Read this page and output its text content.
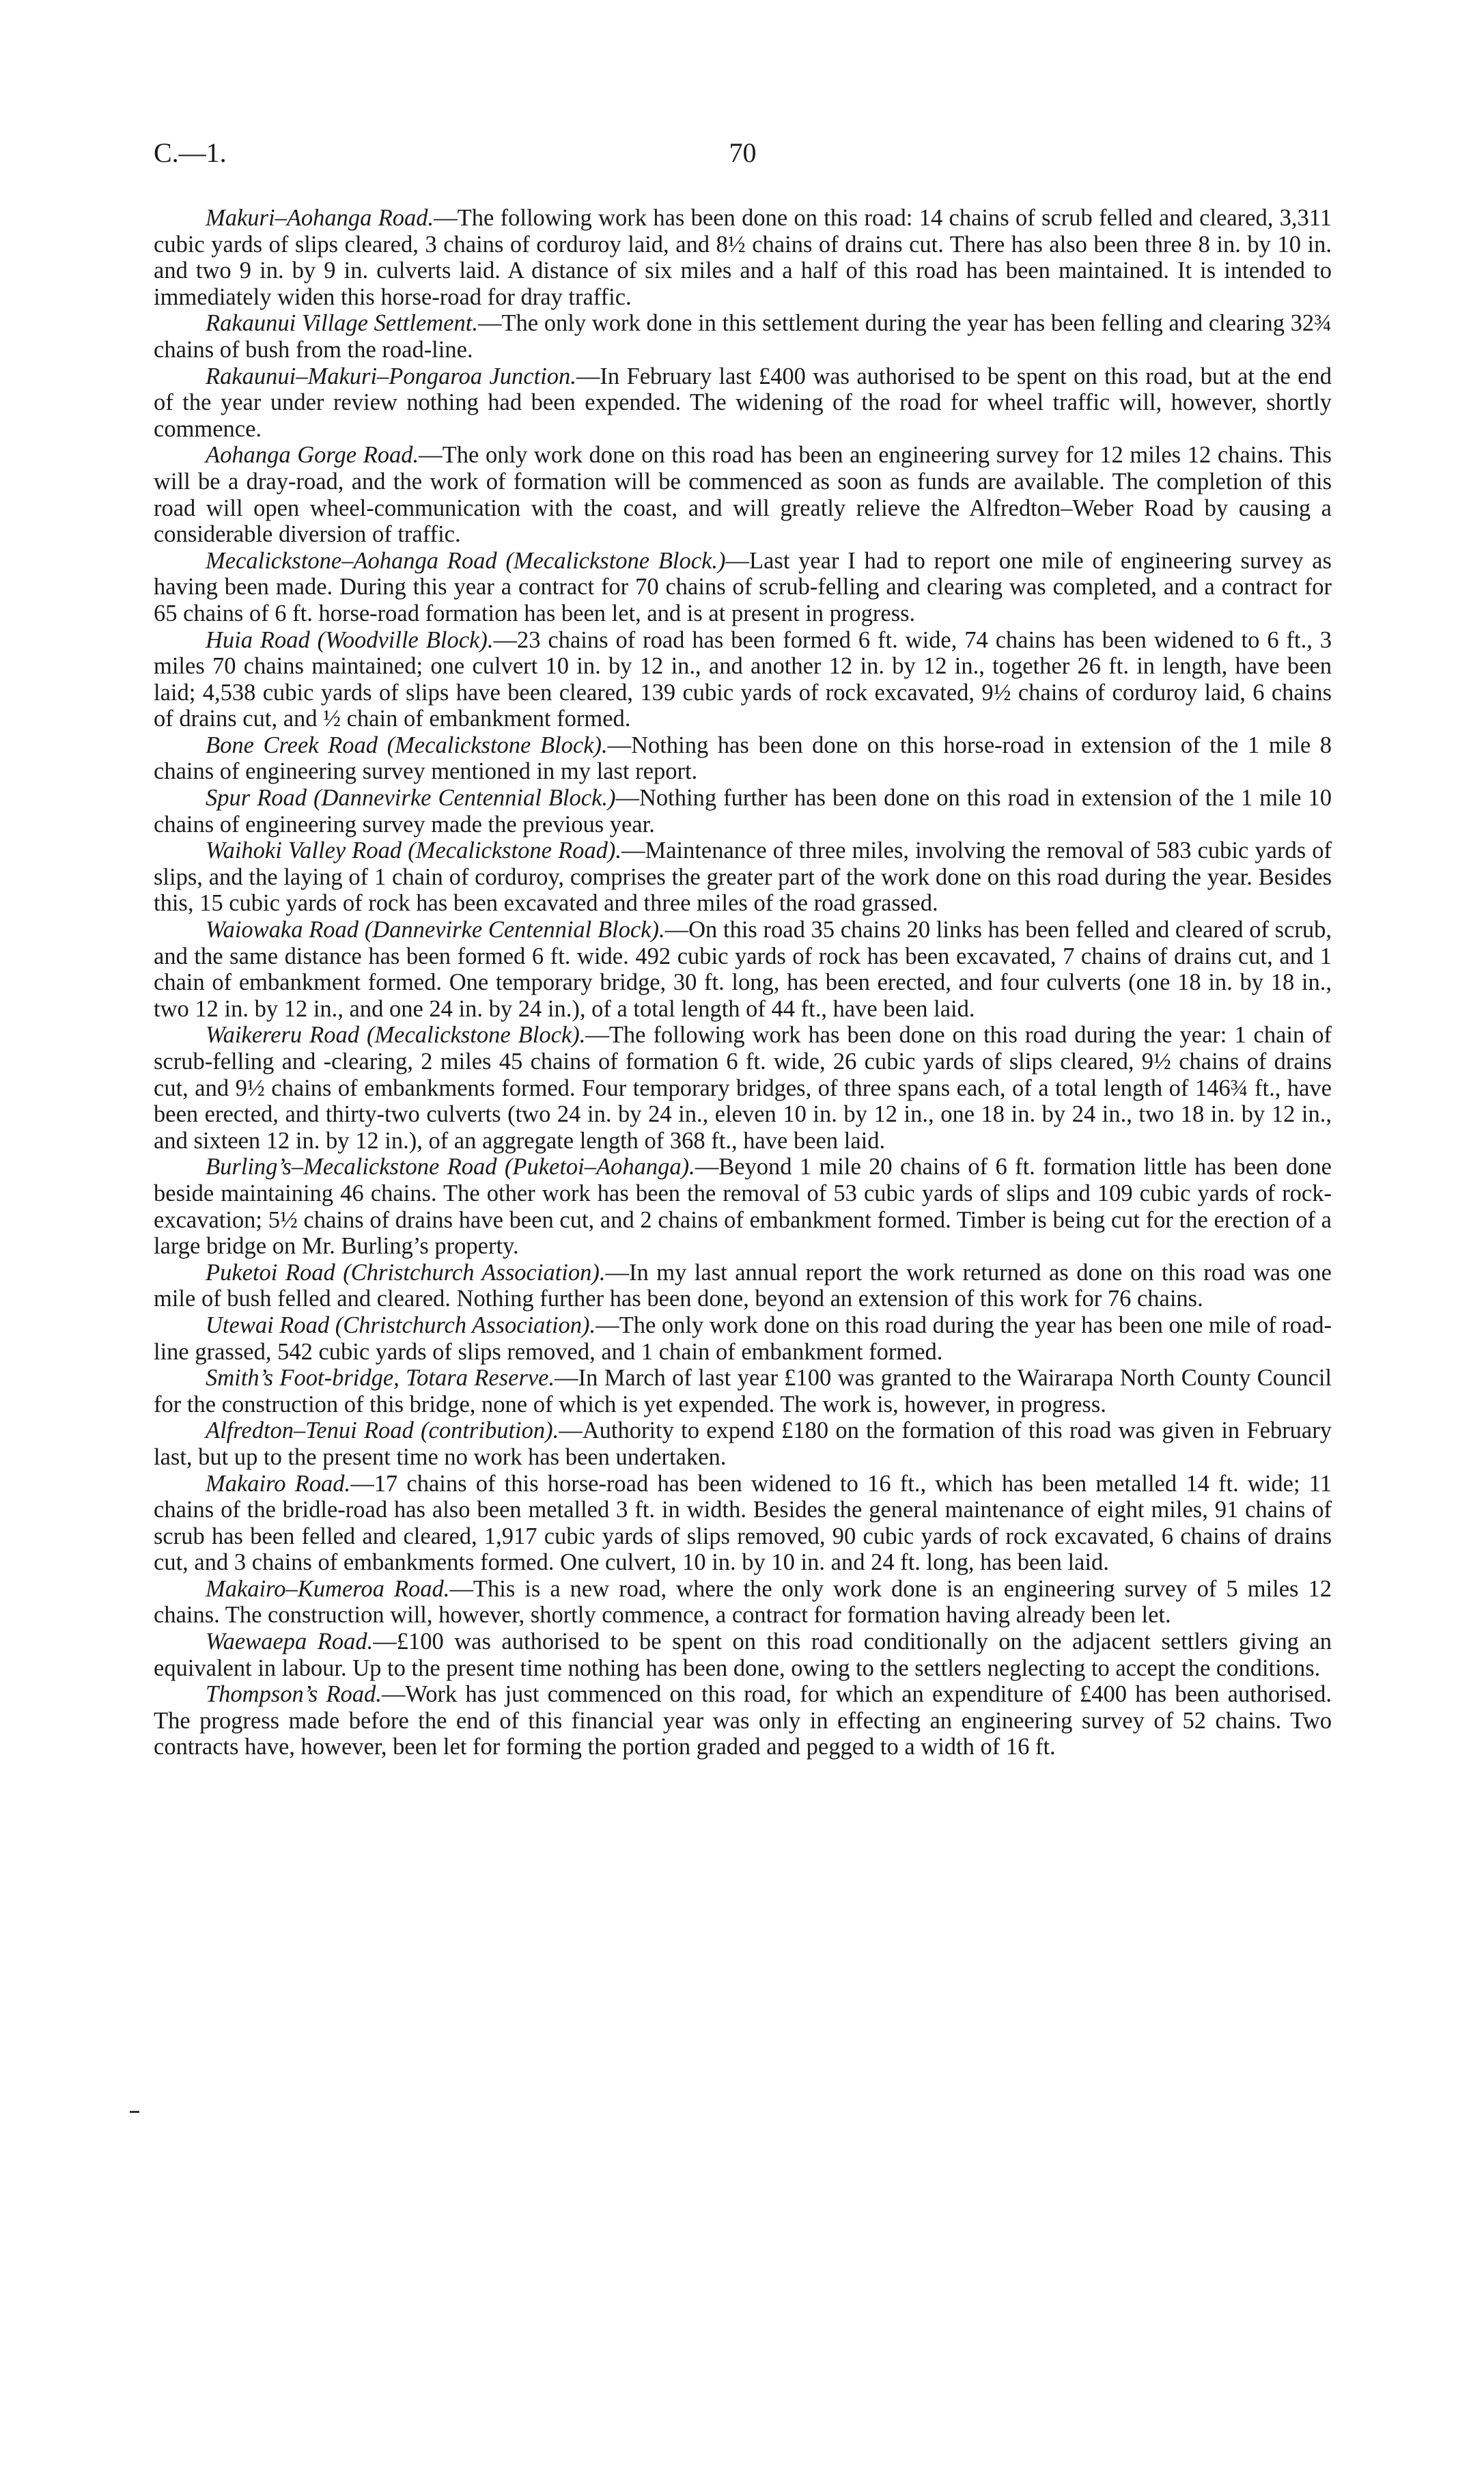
C.—1.	70

Makuri–Aohanga Road.—The following work has been done on this road: 14 chains of scrub felled and cleared, 3,311 cubic yards of slips cleared, 3 chains of corduroy laid, and 8½ chains of drains cut. There has also been three 8 in. by 10 in. and two 9 in. by 9 in. culverts laid. A distance of six miles and a half of this road has been maintained. It is intended to immediately widen this horse-road for dray traffic.

Rakaunui Village Settlement.—The only work done in this settlement during the year has been felling and clearing 32¾ chains of bush from the road-line.

Rakaunui–Makuri–Pongaroa Junction.—In February last £400 was authorised to be spent on this road, but at the end of the year under review nothing had been expended. The widening of the road for wheel traffic will, however, shortly commence.

Aohanga Gorge Road.—The only work done on this road has been an engineering survey for 12 miles 12 chains. This will be a dray-road, and the work of formation will be commenced as soon as funds are available. The completion of this road will open wheel-communication with the coast, and will greatly relieve the Alfredton–Weber Road by causing a considerable diversion of traffic.

Mecalickstone–Aohanga Road (Mecalickstone Block.)—Last year I had to report one mile of engineering survey as having been made. During this year a contract for 70 chains of scrub-felling and clearing was completed, and a contract for 65 chains of 6 ft. horse-road formation has been let, and is at present in progress.

Huia Road (Woodville Block).—23 chains of road has been formed 6 ft. wide, 74 chains has been widened to 6 ft., 3 miles 70 chains maintained; one culvert 10 in. by 12 in., and another 12 in. by 12 in., together 26 ft. in length, have been laid; 4,538 cubic yards of slips have been cleared, 139 cubic yards of rock excavated, 9½ chains of corduroy laid, 6 chains of drains cut, and ½ chain of embankment formed.

Bone Creek Road (Mecalickstone Block).—Nothing has been done on this horse-road in extension of the 1 mile 8 chains of engineering survey mentioned in my last report.

Spur Road (Dannevirke Centennial Block.)—Nothing further has been done on this road in extension of the 1 mile 10 chains of engineering survey made the previous year.

Waihoki Valley Road (Mecalickstone Road).—Maintenance of three miles, involving the removal of 583 cubic yards of slips, and the laying of 1 chain of corduroy, comprises the greater part of the work done on this road during the year. Besides this, 15 cubic yards of rock has been excavated and three miles of the road grassed.

Waiowaka Road (Dannevirke Centennial Block).—On this road 35 chains 20 links has been felled and cleared of scrub, and the same distance has been formed 6 ft. wide. 492 cubic yards of rock has been excavated, 7 chains of drains cut, and 1 chain of embankment formed. One temporary bridge, 30 ft. long, has been erected, and four culverts (one 18 in. by 18 in., two 12 in. by 12 in., and one 24 in. by 24 in.), of a total length of 44 ft., have been laid.

Waikereru Road (Mecalickstone Block).—The following work has been done on this road during the year: 1 chain of scrub-felling and -clearing, 2 miles 45 chains of formation 6 ft. wide, 26 cubic yards of slips cleared, 9½ chains of drains cut, and 9½ chains of embankments formed. Four temporary bridges, of three spans each, of a total length of 146¾ ft., have been erected, and thirty-two culverts (two 24 in. by 24 in., eleven 10 in. by 12 in., one 18 in. by 24 in., two 18 in. by 12 in., and sixteen 12 in. by 12 in.), of an aggregate length of 368 ft., have been laid.

Burling’s–Mecalickstone Road (Puketoi–Aohanga).—Beyond 1 mile 20 chains of 6 ft. formation little has been done beside maintaining 46 chains. The other work has been the removal of 53 cubic yards of slips and 109 cubic yards of rock-excavation; 5½ chains of drains have been cut, and 2 chains of embankment formed. Timber is being cut for the erection of a large bridge on Mr. Burling’s property.

Puketoi Road (Christchurch Association).—In my last annual report the work returned as done on this road was one mile of bush felled and cleared. Nothing further has been done, beyond an extension of this work for 76 chains.

Utewai Road (Christchurch Association).—The only work done on this road during the year has been one mile of road-line grassed, 542 cubic yards of slips removed, and 1 chain of embankment formed.

Smith’s Foot-bridge, Totara Reserve.—In March of last year £100 was granted to the Wairarapa North County Council for the construction of this bridge, none of which is yet expended. The work is, however, in progress.

Alfredton–Tenui Road (contribution).—Authority to expend £180 on the formation of this road was given in February last, but up to the present time no work has been undertaken.

Makairo Road.—17 chains of this horse-road has been widened to 16 ft., which has been metalled 14 ft. wide; 11 chains of the bridle-road has also been metalled 3 ft. in width. Besides the general maintenance of eight miles, 91 chains of scrub has been felled and cleared, 1,917 cubic yards of slips removed, 90 cubic yards of rock excavated, 6 chains of drains cut, and 3 chains of embankments formed. One culvert, 10 in. by 10 in. and 24 ft. long, has been laid.

Makairo–Kumeroa Road.—This is a new road, where the only work done is an engineering survey of 5 miles 12 chains. The construction will, however, shortly commence, a contract for formation having already been let.

Waewaepa Road.—£100 was authorised to be spent on this road conditionally on the adjacent settlers giving an equivalent in labour. Up to the present time nothing has been done, owing to the settlers neglecting to accept the conditions.

Thompson’s Road.—Work has just commenced on this road, for which an expenditure of £400 has been authorised. The progress made before the end of this financial year was only in effecting an engineering survey of 52 chains. Two contracts have, however, been let for forming the portion graded and pegged to a width of 16 ft.
